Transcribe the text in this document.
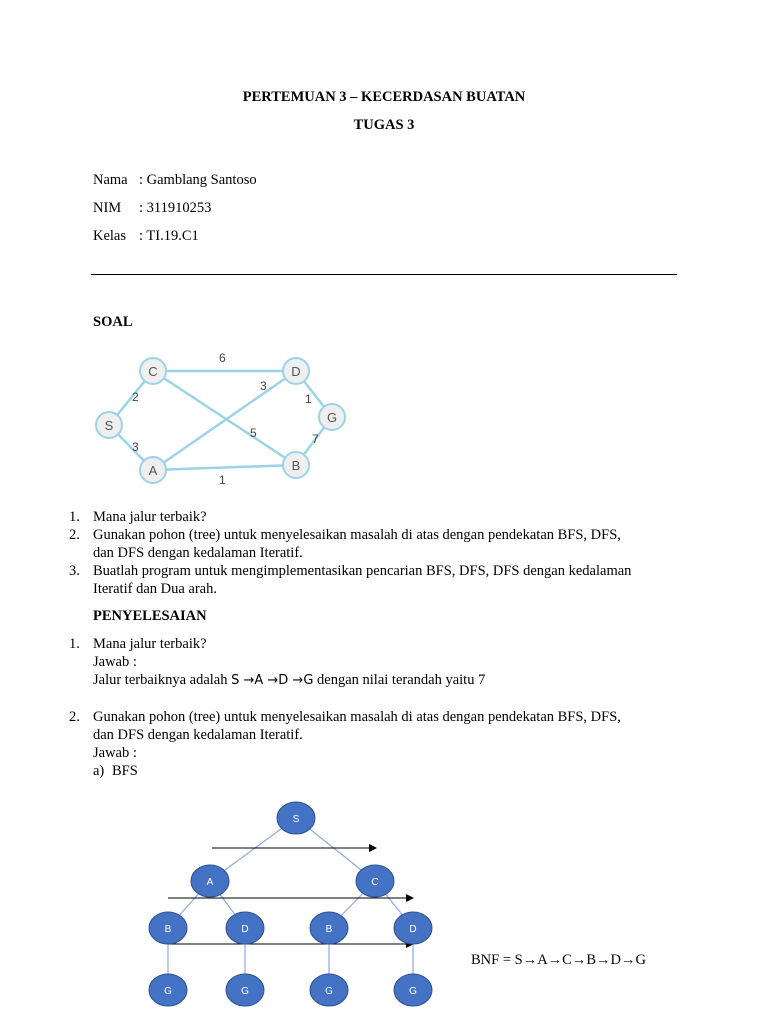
PERTEMUAN 3 – KECERDASAN BUATAN
TUGAS 3
Nama : Gamblang Santoso
NIM : 311910253
Kelas : TI.19.C1
SOAL
6
2
3
1
5	7
3
1
C	D
S
G
A	B
1. Mana jalur terbaik?
2. Gunakan pohon (tree) untuk menyelesaikan masalah di atas dengan pendekatan BFS, DFS,
dan DFS dengan kedalaman Iteratif.
3. Buatlah program untuk mengimplementasikan pencarian BFS, DFS, DFS dengan kedalaman
Iteratif dan Dua arah.
PENYELESAIAN
1. Mana jalur terbaik?
Jawab :
Jalur terbaiknya adalah S →A →D →G dengan nilai terandah yaitu 7
2. Gunakan pohon (tree) untuk menyelesaikan masalah di atas dengan pendekatan BFS, DFS,
dan DFS dengan kedalaman Iteratif.
Jawab :
a) BFS
S
A	C
B	D	B	D
G	G	G	G
BNF = S→A→C→B→D→G
